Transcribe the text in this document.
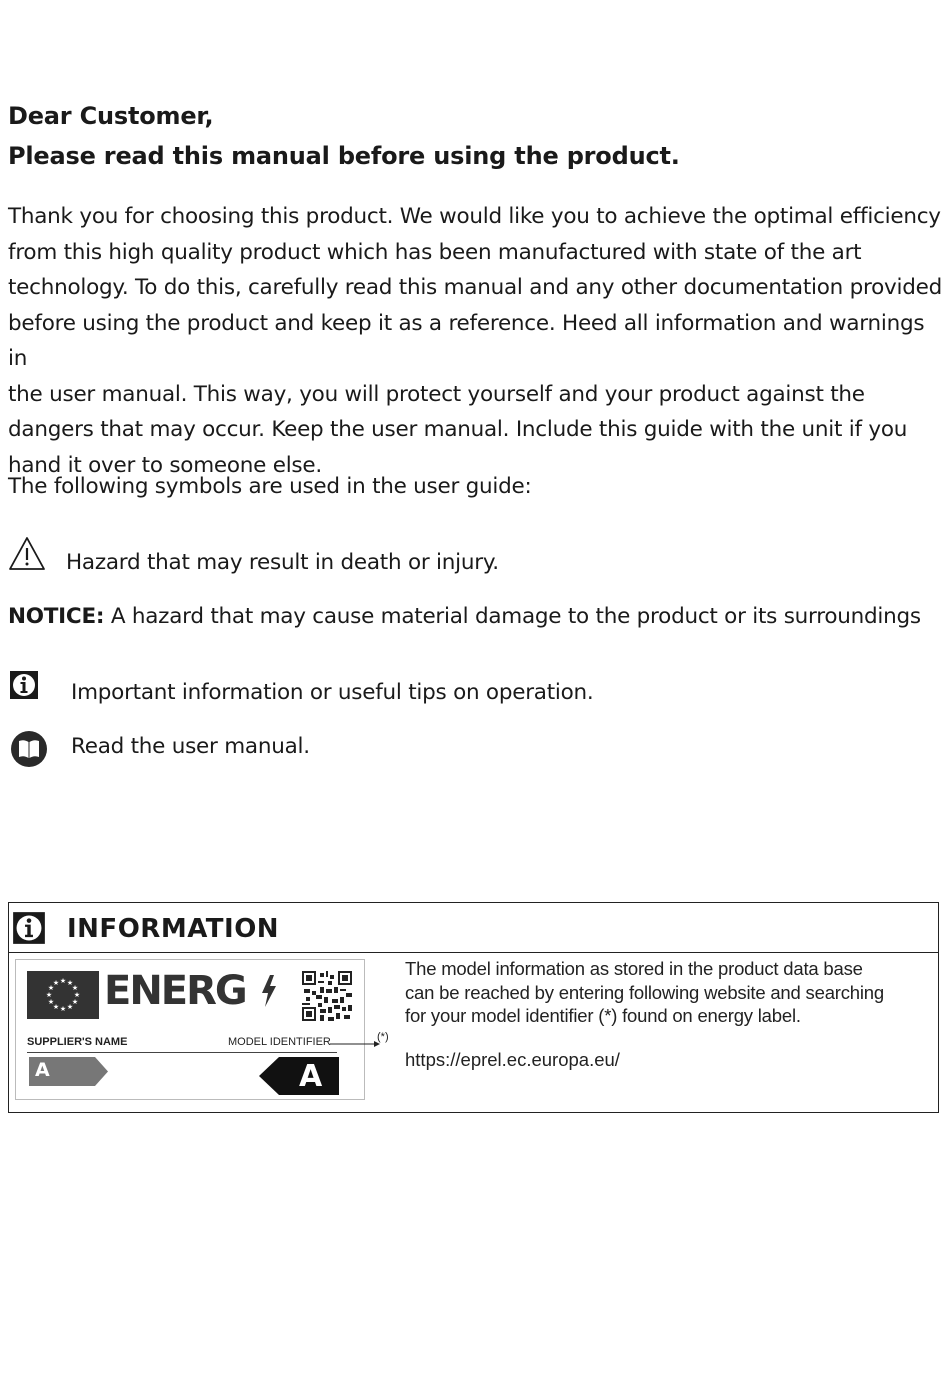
Dear Customer,
Please read this manual before using the product.
Thank you for choosing this product. We would like you to achieve the optimal efficiency
from this high quality product which has been manufactured with state of the art
technology. To do this, carefully read this manual and any other documentation provided
before using the product and keep it as a reference. Heed all information and warnings in
the user manual. This way, you will protect yourself and your product against the
dangers that may occur. Keep the user manual. Include this guide with the unit if you
hand it over to someone else.
The following symbols are used in the user guide:
Hazard that may result in death or injury.
NOTICE: A hazard that may cause material damage to the product or its surroundings
Important information or useful tips on operation.
Read the user manual.
INFORMATION
★ ★
★
★
★
★
★
★
★
★
★
★ ENERG
SUPPLIER'S NAME	MODEL IDENTIFIER
A	A
(*)
The model information as stored in the product data base
can be reached by entering following website and searching
for your model identifier (*) found on energy label.
https://eprel.ec.europa.eu/
